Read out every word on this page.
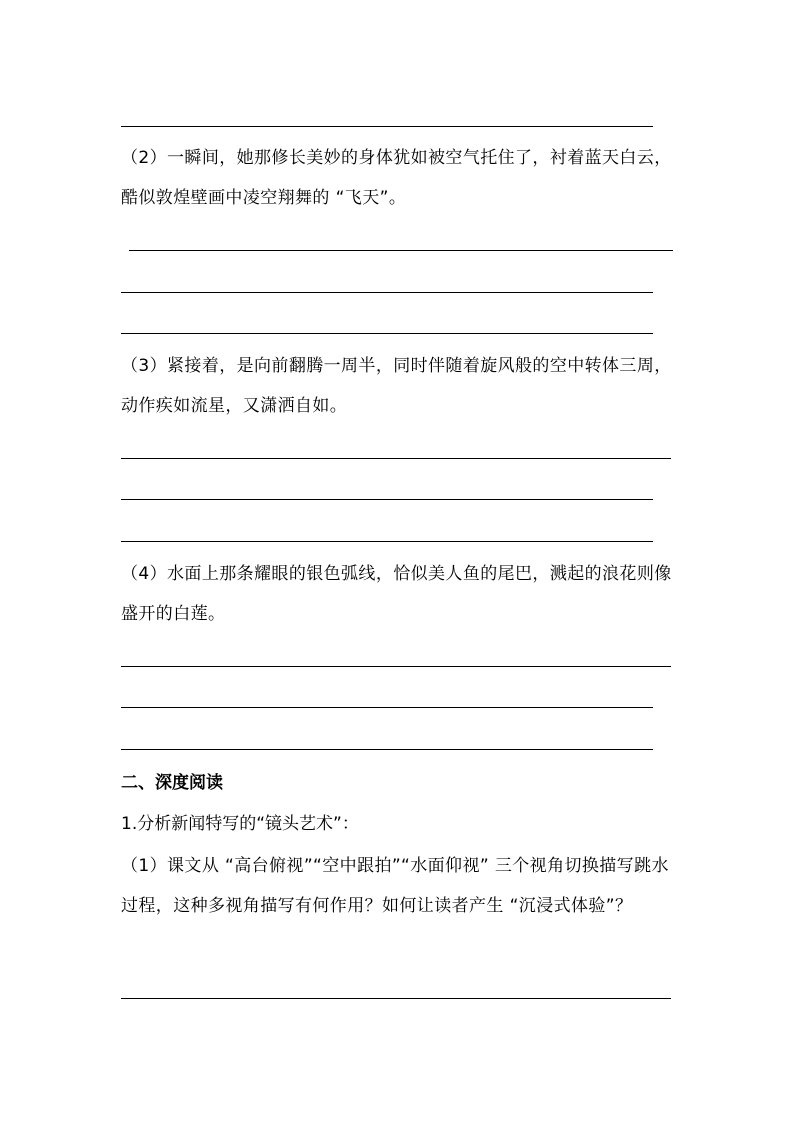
（2）一瞬间，她那修长美妙的身体犹如被空气托住了，衬着蓝天白云，酷似敦煌壁画中凌空翔舞的 “飞天”。
（3）紧接着，是向前翻腾一周半，同时伴随着旋风般的空中转体三周，动作疾如流星，又潇洒自如。
（4）水面上那条耀眼的银色弧线，恰似美人鱼的尾巴，溅起的浪花则像盛开的白莲。
二、深度阅读
1.分析新闻特写的“镜头艺术”：
（1）课文从 “高台俯视”“空中跟拍”“水面仰视” 三个视角切换描写跳水过程，这种多视角描写有何作用？如何让读者产生 “沉浸式体验”？
